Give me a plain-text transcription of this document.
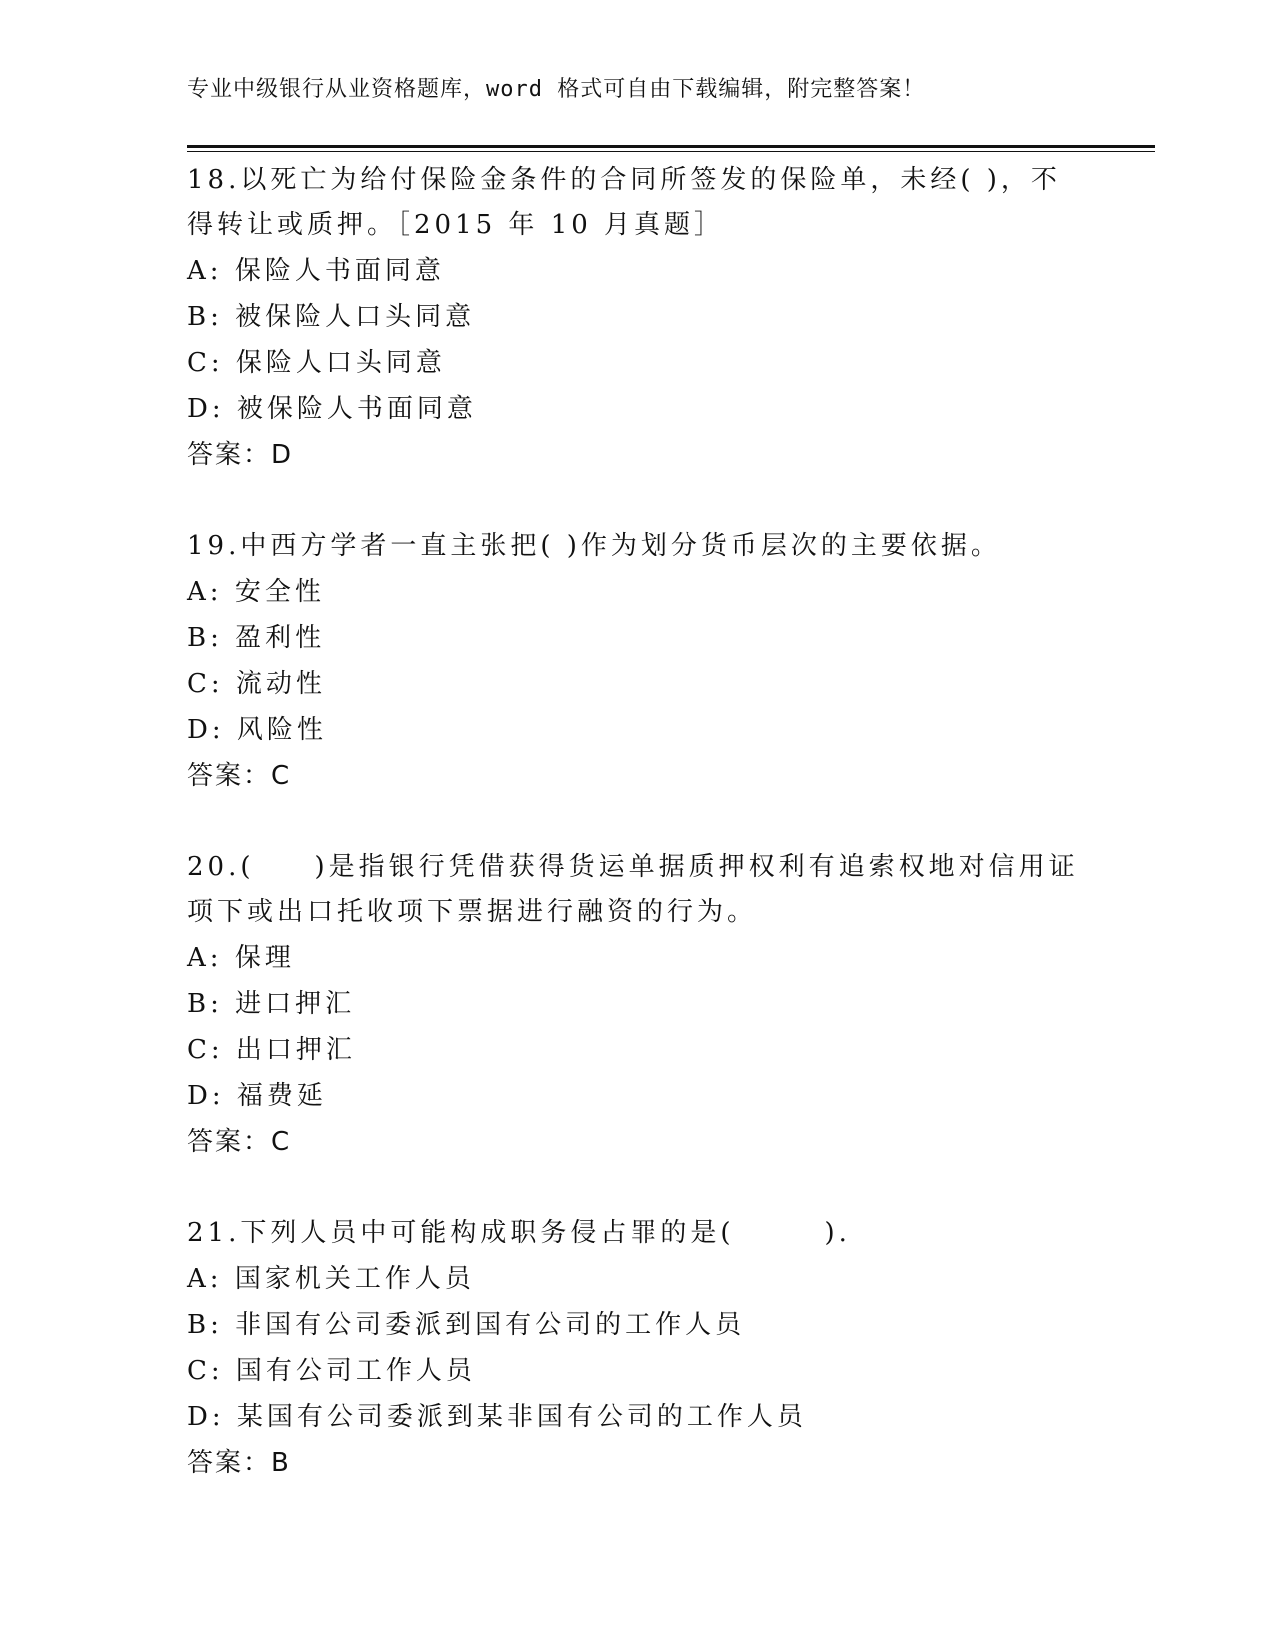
专业中级银行从业资格题库，word 格式可自由下载编辑，附完整答案！

18.以死亡为给付保险金条件的合同所签发的保险单，未经( )，不得转让或质押。［2015 年 10 月真题］

A: 保险人书面同意

B: 被保险人口头同意

C: 保险人口头同意

D: 被保险人书面同意

答案：D

19.中西方学者一直主张把( )作为划分货币层次的主要依据。

A: 安全性

B: 盈利性

C: 流动性

D: 风险性

答案：C

20.(　　)是指银行凭借获得货运单据质押权利有追索权地对信用证项下或出口托收项下票据进行融资的行为。

A: 保理

B: 进口押汇

C: 出口押汇

D: 福费延

答案：C

21.下列人员中可能构成职务侵占罪的是(　　　).

A: 国家机关工作人员

B: 非国有公司委派到国有公司的工作人员

C: 国有公司工作人员

D: 某国有公司委派到某非国有公司的工作人员

答案：B
